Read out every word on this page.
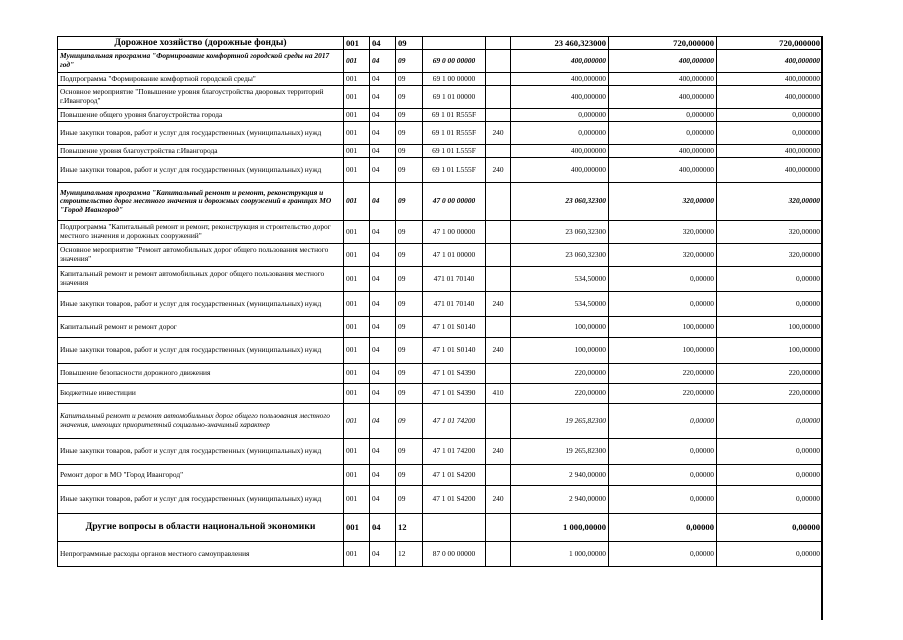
Дорожное хозяйство (дорожные фонды)	001	04	09			23 460,323000	720,000000	720,000000
Муниципальная программа "Формирование комфортной городской среды на 2017 год"	001	04	09	69 0 00 00000		400,000000	400,000000	400,000000
Подпрограмма "Формирование комфортной городской среды"	001	04	09	69 1 00 00000		400,000000	400,000000	400,000000
Основное мероприятие "Повышение уровня благоустройства дворовых территорий г.Ивангород"	001	04	09	69 1 01 00000		400,000000	400,000000	400,000000
Повышение общего уровня благоустройства города	001	04	09	69 1 01 R555F		0,000000	0,000000	0,000000
Иные закупки товаров, работ и услуг для государственных (муниципальных) нужд	001	04	09	69 1 01 R555F	240	0,000000	0,000000	0,000000
Повышение уровня благоустройства г.Ивангорода	001	04	09	69 1 01 L555F		400,000000	400,000000	400,000000
Иные закупки товаров, работ и услуг для государственных (муниципальных) нужд	001	04	09	69 1 01 L555F	240	400,000000	400,000000	400,000000
Муниципальная программа "Капитальный ремонт и ремонт, реконструкция и строительство дорог местного значения и дорожных сооружений в границах МО "Город Ивангород"	001	04	09	47 0 00 00000		23 060,32300	320,00000	320,00000
Подпрограмма "Капитальный ремонт и ремонт, реконструкция и строительство дорог местного значения и дорожных сооружений"	001	04	09	47 1 00 00000		23 060,32300	320,00000	320,00000
Основное мероприятие "Ремонт автомобильных дорог общего пользования местного значения"	001	04	09	47 1 01 00000		23 060,32300	320,00000	320,00000
Капитальный ремонт и ремонт автомобильных дорог общего пользования местного значения	001	04	09	471 01 70140		534,50000	0,00000	0,00000
Иные закупки товаров, работ и услуг для государственных (муниципальных) нужд	001	04	09	471 01 70140	240	534,50000	0,00000	0,00000
Капитальный ремонт и ремонт дорог	001	04	09	47 1 01 S0140		100,00000	100,00000	100,00000
Иные закупки товаров, работ и услуг для государственных (муниципальных) нужд	001	04	09	47 1 01 S0140	240	100,00000	100,00000	100,00000
Повышение безопасности дорожного движения	001	04	09	47 1 01 S4390		220,00000	220,00000	220,00000
Бюджетные инвестиции	001	04	09	47 1 01 S4390	410	220,00000	220,00000	220,00000
Капитальный ремонт и ремонт автомобильных дорог общего пользования местного значения, имеющих приоритетный социально-значимый характер	001	04	09	47 1 01 74200		19 265,82300	0,00000	0,00000
Иные закупки товаров, работ и услуг для государственных (муниципальных) нужд	001	04	09	47 1 01 74200	240	19 265,82300	0,00000	0,00000
Ремонт дорог в МО "Город Ивангород"	001	04	09	47 1 01 S4200		2 940,00000	0,00000	0,00000
Иные закупки товаров, работ и услуг для государственных (муниципальных) нужд	001	04	09	47 1 01 S4200	240	2 940,00000	0,00000	0,00000
Другие вопросы в области национальной экономики	001	04	12			1 000,00000	0,00000	0,00000
Непрограммные расходы органов местного самоуправления	001	04	12	87 0 00 00000		1 000,00000	0,00000	0,00000
